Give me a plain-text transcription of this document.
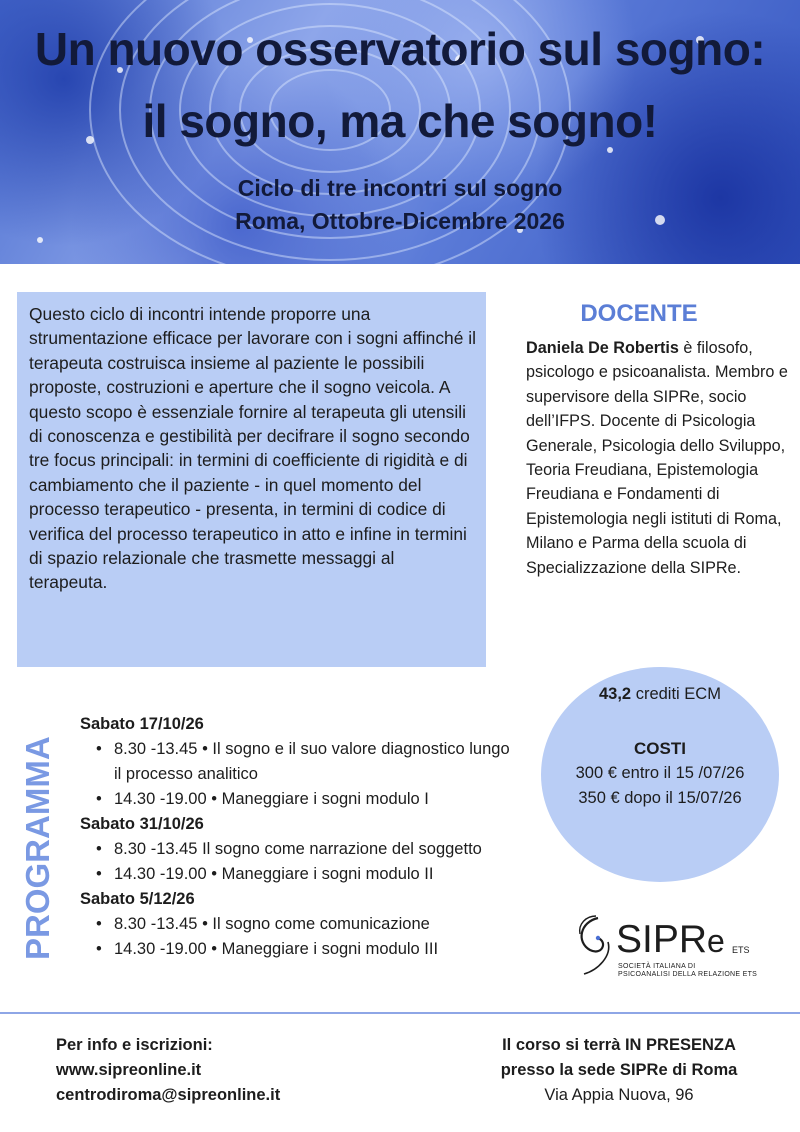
Un nuovo osservatorio sul sogno:
il sogno, ma che sogno!
Ciclo di tre incontri sul sogno
Roma, Ottobre-Dicembre 2026
Questo ciclo di incontri intende proporre una strumentazione efficace per lavorare con i sogni affinché il terapeuta costruisca insieme al paziente le possibili proposte, costruzioni e aperture che il sogno veicola. A questo scopo è essenziale fornire al terapeuta gli utensili di conoscenza e gestibilità per decifrare il sogno secondo tre focus principali: in termini di coefficiente di rigidità e di cambiamento che il paziente - in quel momento del processo terapeutico - presenta, in termini di codice di verifica del processo terapeutico in atto e infine in termini di spazio relazionale che trasmette messaggi al terapeuta.
DOCENTE
Daniela De Robertis è filosofo, psicologo e psicoanalista. Membro e supervisore della SIPRe, socio dell’IFPS. Docente di Psicologia Generale, Psicologia dello Sviluppo, Teoria Freudiana, Epistemologia Freudiana e Fondamenti di Epistemologia negli istituti di Roma, Milano e Parma della scuola di Specializzazione della SIPRe.
PROGRAMMA
Sabato 17/10/26
• 8.30 -13.45 • Il sogno e il suo valore diagnostico lungo il processo analitico
• 14.30 -19.00 • Maneggiare i sogni modulo I
Sabato 31/10/26
• 8.30 -13.45 Il sogno come narrazione del soggetto
• 14.30 -19.00 • Maneggiare i sogni modulo II
Sabato 5/12/26
• 8.30 -13.45 • Il sogno come comunicazione
• 14.30 -19.00 • Maneggiare i sogni modulo III
43,2 crediti ECM
COSTI
300 € entro il 15 /07/26
350 € dopo il 15/07/26
SIPRe ETS
SOCIETÀ ITALIANA DI
PSICOANALISI DELLA RELAZIONE ETS
Per info e iscrizioni:
www.sipreonline.it
centrodiroma@sipreonline.it
Il corso si terrà IN PRESENZA
presso la sede SIPRe di Roma
Via Appia Nuova, 96
